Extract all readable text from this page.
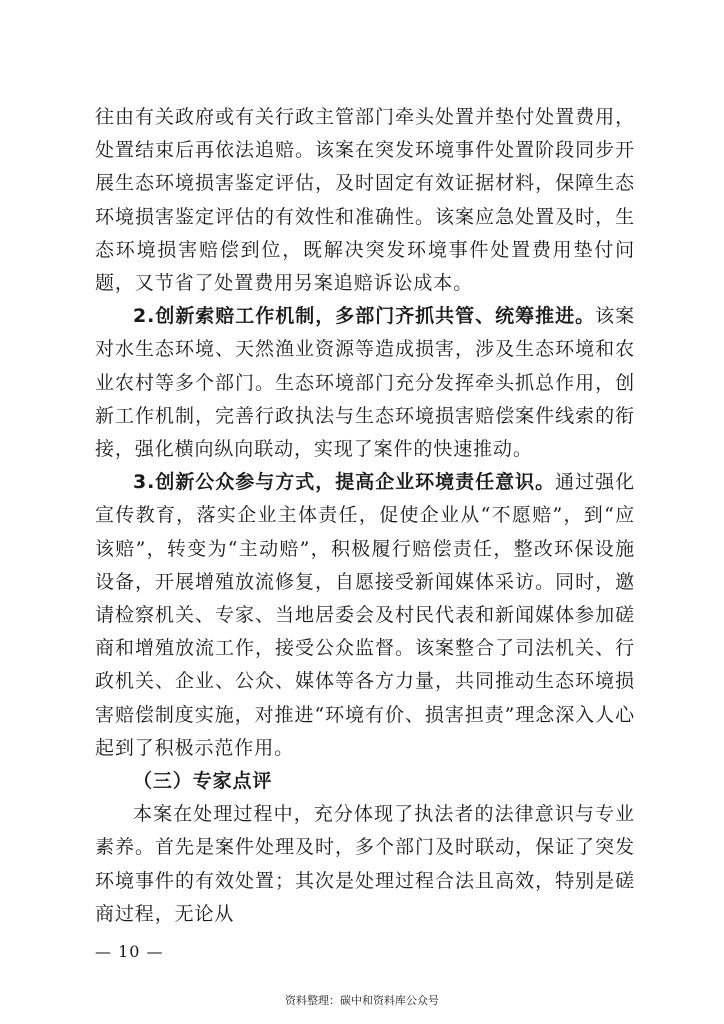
往由有关政府或有关行政主管部门牵头处置并垫付处置费用，处置结束后再依法追赔。该案在突发环境事件处置阶段同步开展生态环境损害鉴定评估，及时固定有效证据材料，保障生态环境损害鉴定评估的有效性和准确性。该案应急处置及时，生态环境损害赔偿到位，既解决突发环境事件处置费用垫付问题，又节省了处置费用另案追赔诉讼成本。

2.创新索赔工作机制，多部门齐抓共管、统筹推进。该案对水生态环境、天然渔业资源等造成损害，涉及生态环境和农业农村等多个部门。生态环境部门充分发挥牵头抓总作用，创新工作机制，完善行政执法与生态环境损害赔偿案件线索的衔接，强化横向纵向联动，实现了案件的快速推动。

3.创新公众参与方式，提高企业环境责任意识。通过强化宣传教育，落实企业主体责任，促使企业从“不愿赔”，到“应该赔”，转变为“主动赔”，积极履行赔偿责任，整改环保设施设备，开展增殖放流修复，自愿接受新闻媒体采访。同时，邀请检察机关、专家、当地居委会及村民代表和新闻媒体参加磋商和增殖放流工作，接受公众监督。该案整合了司法机关、行政机关、企业、公众、媒体等各方力量，共同推动生态环境损害赔偿制度实施，对推进“环境有价、损害担责”理念深入人心起到了积极示范作用。

（三）专家点评

本案在处理过程中，充分体现了执法者的法律意识与专业素养。首先是案件处理及时，多个部门及时联动，保证了突发环境事件的有效处置；其次是处理过程合法且高效，特别是磋商过程，无论从

— 10 —
资料整理：碳中和资料库公众号
